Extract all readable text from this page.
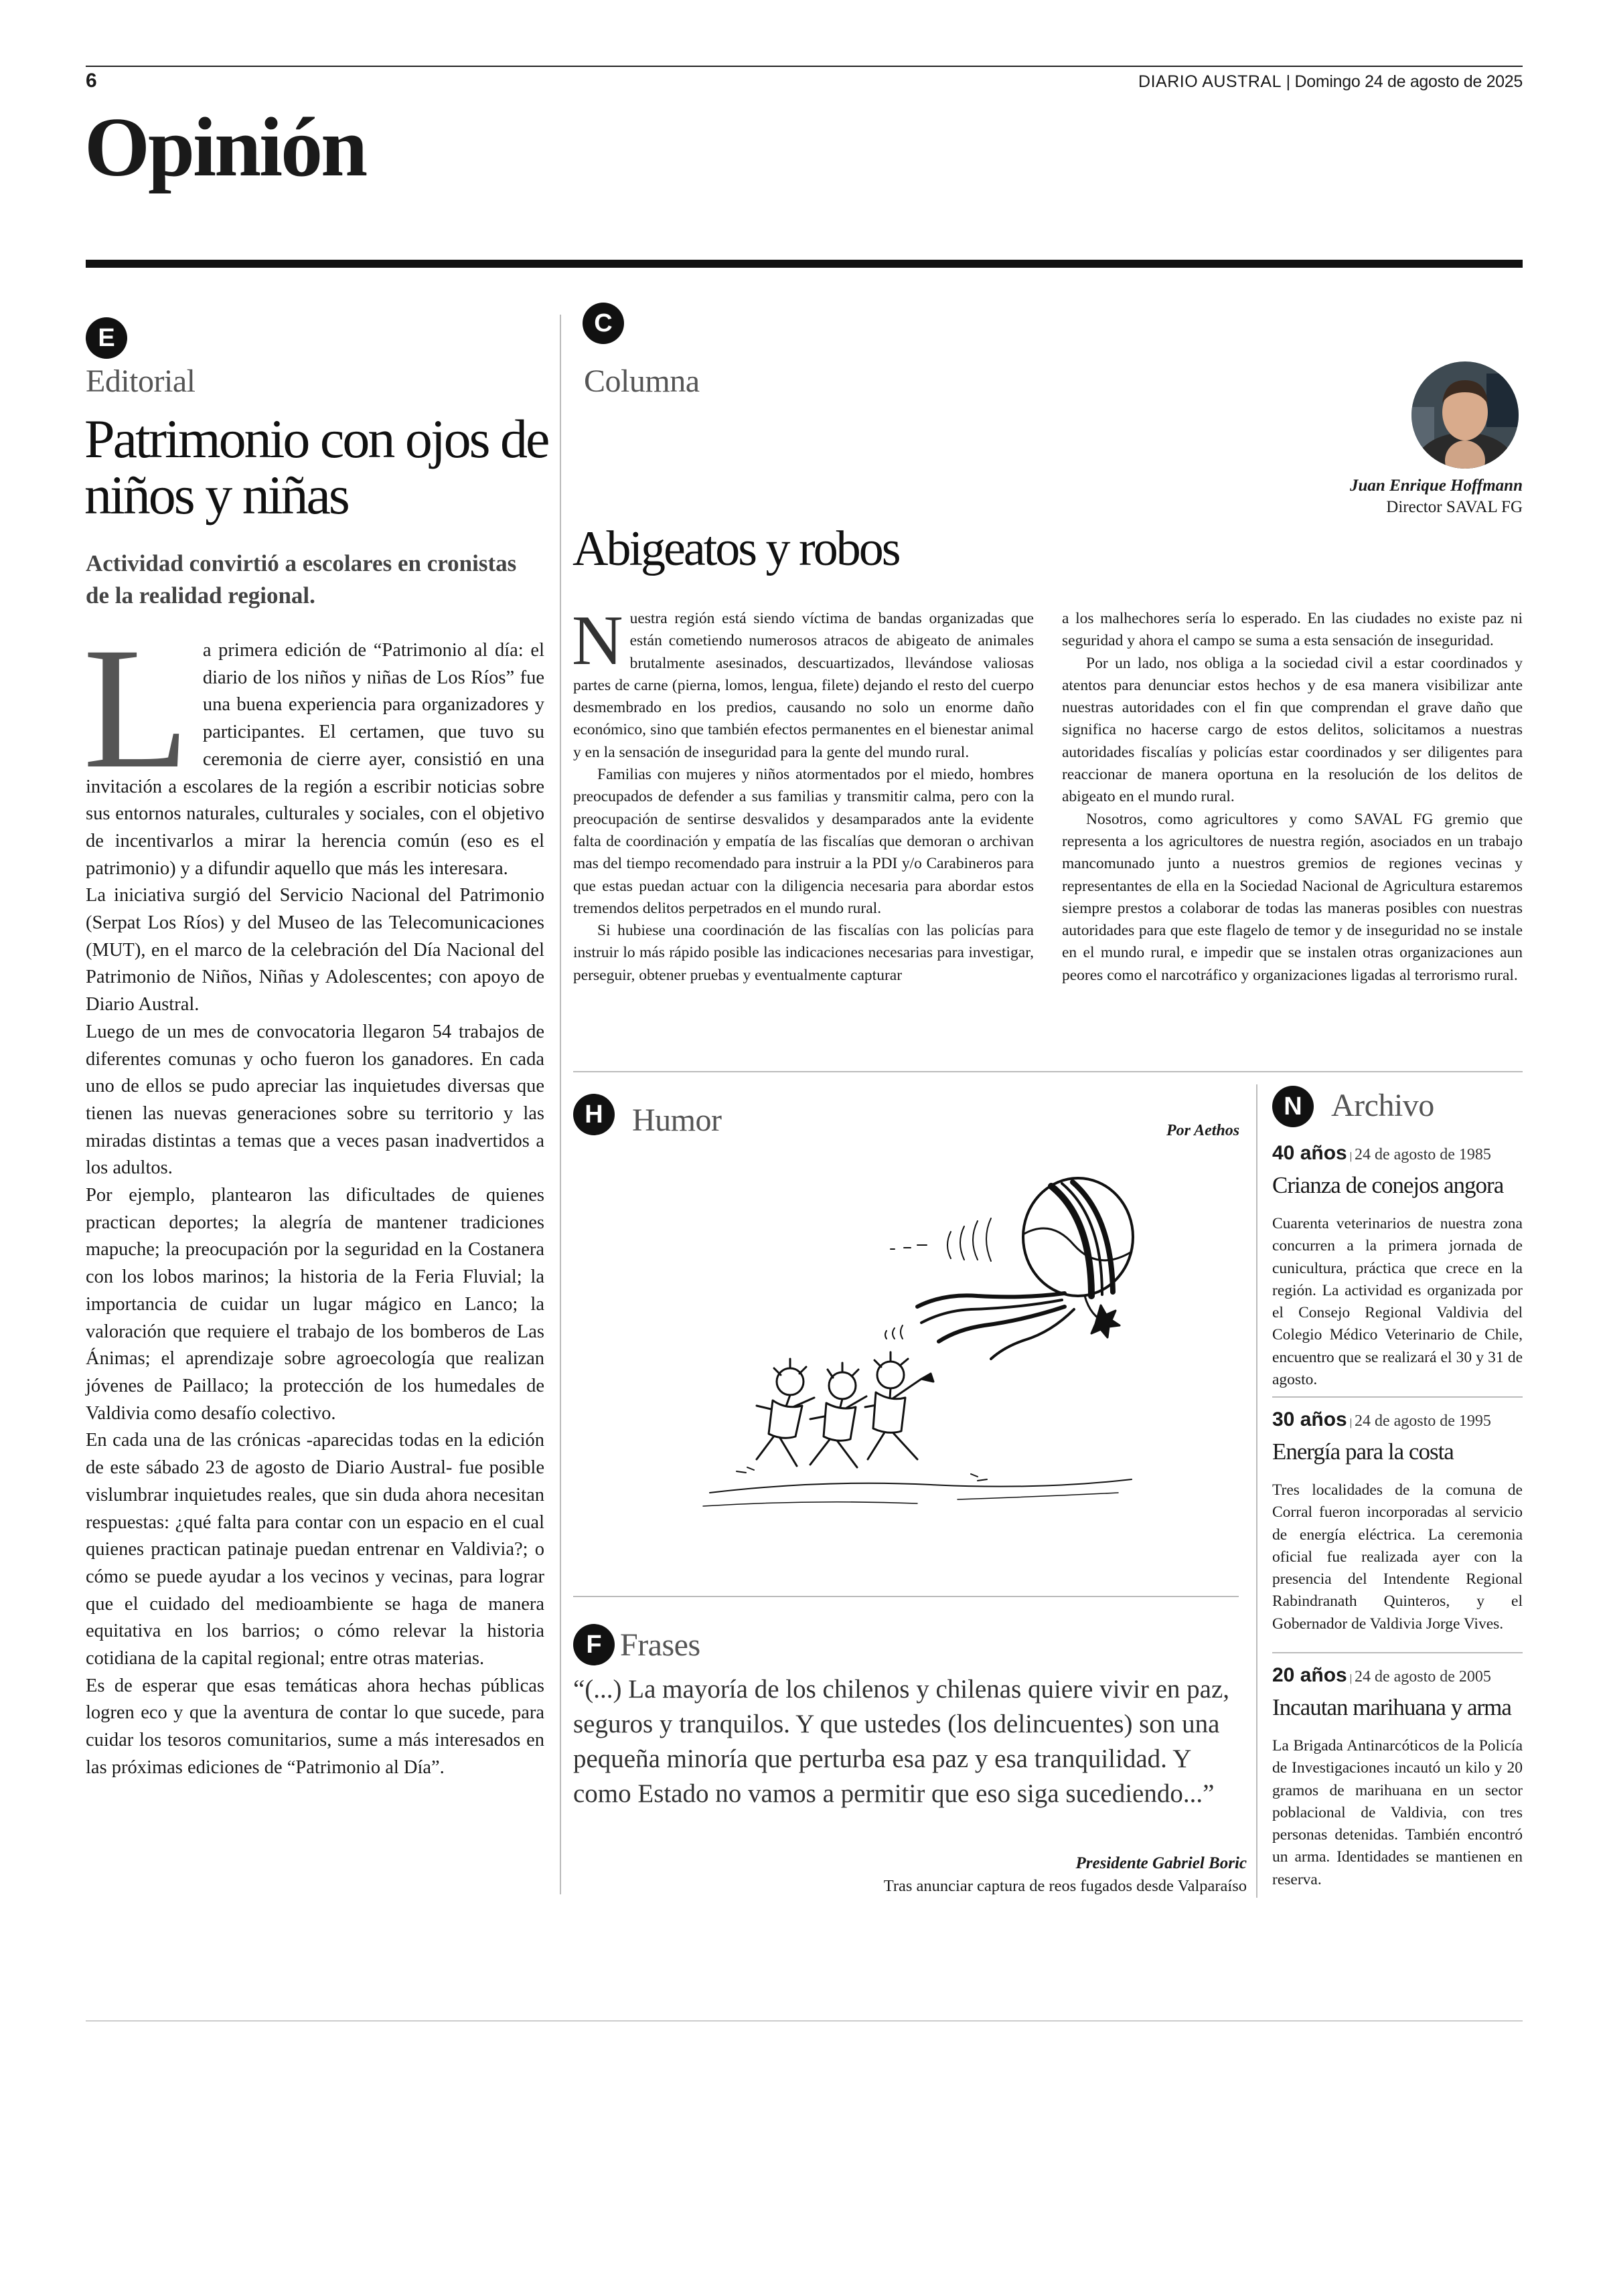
6	DIARIO AUSTRAL | Domingo 24 de agosto de 2025
Opinión
E
Editorial
Patrimonio con ojos de niños y niñas
Actividad convirtió a escolares en cronistas de la realidad regional.
L a primera edición de “Patrimonio al día: el diario de los niños y niñas de Los Ríos” fue una buena experiencia para organizadores y participantes. El certamen, que tuvo su ceremonia de cierre ayer, consistió en una invitación a escolares de la región a escribir noticias sobre sus entornos naturales, culturales y sociales, con el objetivo de incentivarlos a mirar la herencia común (eso es el patrimonio) y a difundir aquello que más les interesara.

La iniciativa surgió del Servicio Nacional del Patrimonio (Serpat Los Ríos) y del Museo de las Telecomunicaciones (MUT), en el marco de la celebración del Día Nacional del Patrimonio de Niños, Niñas y Adolescentes; con apoyo de Diario Austral.

Luego de un mes de convocatoria llegaron 54 trabajos de diferentes comunas y ocho fueron los ganadores. En cada uno de ellos se pudo apreciar las inquietudes diversas que tienen las nuevas generaciones sobre su territorio y las miradas distintas a temas que a veces pasan inadvertidos a los adultos.

Por ejemplo, plantearon las dificultades de quienes practican deportes; la alegría de mantener tradiciones mapuche; la preocupación por la seguridad en la Costanera con los lobos marinos; la historia de la Feria Fluvial; la importancia de cuidar un lugar mágico en Lanco; la valoración que requiere el trabajo de los bomberos de Las Ánimas; el aprendizaje sobre agroecología que realizan jóvenes de Paillaco; la protección de los humedales de Valdivia como desafío colectivo.

En cada una de las crónicas -aparecidas todas en la edición de este sábado 23 de agosto de Diario Austral- fue posible vislumbrar inquietudes reales, que sin duda ahora necesitan respuestas: ¿qué falta para contar con un espacio en el cual quienes practican patinaje puedan entrenar en Valdivia?; o cómo se puede ayudar a los vecinos y vecinas, para lograr que el cuidado del medioambiente se haga de manera equitativa en los barrios; o cómo relevar la historia cotidiana de la capital regional; entre otras materias.

Es de esperar que esas temáticas ahora hechas públicas logren eco y que la aventura de contar lo que sucede, para cuidar los tesoros comunitarios, sume a más interesados en las próximas ediciones de “Patrimonio al Día”.

C
Columna
Juan Enrique Hoffmann
Director SAVAL FG
Abigeatos y robos
N uestra región está siendo víctima de bandas organizadas que están cometiendo numerosos atracos de abigeato de animales brutalmente asesinados, descuartizados, llevándose valiosas partes de carne (pierna, lomos, lengua, filete) dejando el resto del cuerpo desmembrado en los predios, causando no solo un enorme daño económico, sino que también efectos permanentes en el bienestar animal y en la sensación de inseguridad para la gente del mundo rural.

Familias con mujeres y niños atormentados por el miedo, hombres preocupados de defender a sus familias y transmitir calma, pero con la preocupación de sentirse desvalidos y desamparados ante la evidente falta de coordinación y empatía de las fiscalías que demoran o archivan mas del tiempo recomendado para instruir a la PDI y/o Carabineros para que estas puedan actuar con la diligencia necesaria para abordar estos tremendos delitos perpetrados en el mundo rural.

Si hubiese una coordinación de las fiscalías con las policías para instruir lo más rápido posible las indicaciones necesarias para investigar, perseguir, obtener pruebas y eventualmente capturar

a los malhechores sería lo esperado. En las ciudades no existe paz ni seguridad y ahora el campo se suma a esta sensación de inseguridad.

Por un lado, nos obliga a la sociedad civil a estar coordinados y atentos para denunciar estos hechos y de esa manera visibilizar ante nuestras autoridades con el fin que comprendan el grave daño que significa no hacerse cargo de estos delitos, solicitamos a nuestras autoridades fiscalías y policías estar coordinados y ser diligentes para reaccionar de manera oportuna en la resolución de los delitos de abigeato en el mundo rural.

Nosotros, como agricultores y como SAVAL FG gremio que representa a los agricultores de nuestra región, asociados en un trabajo mancomunado junto a nuestros gremios de regiones vecinas y representantes de ella en la Sociedad Nacional de Agricultura estaremos siempre prestos a colaborar de todas las maneras posibles con nuestras autoridades para que este flagelo de temor y de inseguridad no se instale en el mundo rural, e impedir que se instalen otras organizaciones aun peores como el narcotráfico y organizaciones ligadas al terrorismo rural.

H Humor	Por Aethos
F Frases
“(...) La mayoría de los chilenos y chilenas quiere vivir en paz, seguros y tranquilos. Y que ustedes (los delincuentes) son una pequeña minoría que perturba esa paz y esa tranquilidad. Y como Estado no vamos a permitir que eso siga sucediendo...”
Presidente Gabriel Boric
Tras anunciar captura de reos fugados desde Valparaíso
N Archivo
40 años | 24 de agosto de 1985
Crianza de conejos angora
Cuarenta veterinarios de nuestra zona concurren a la primera jornada de cunicultura, práctica que crece en la región. La actividad es organizada por el Consejo Regional Valdivia del Colegio Médico Veterinario de Chile, encuentro que se realizará el 30 y 31 de agosto.
30 años | 24 de agosto de 1995
Energía para la costa
Tres localidades de la comuna de Corral fueron incorporadas al servicio de energía eléctrica. La ceremonia oficial fue realizada ayer con la presencia del Intendente Regional Rabindranath Quinteros, y el Gobernador de Valdivia Jorge Vives.
20 años | 24 de agosto de 2005
Incautan marihuana y arma
La Brigada Antinarcóticos de la Policía de Investigaciones incautó un kilo y 20 gramos de marihuana en un sector poblacional de Valdivia, con tres personas detenidas. También encontró un arma. Identidades se mantienen en reserva.
